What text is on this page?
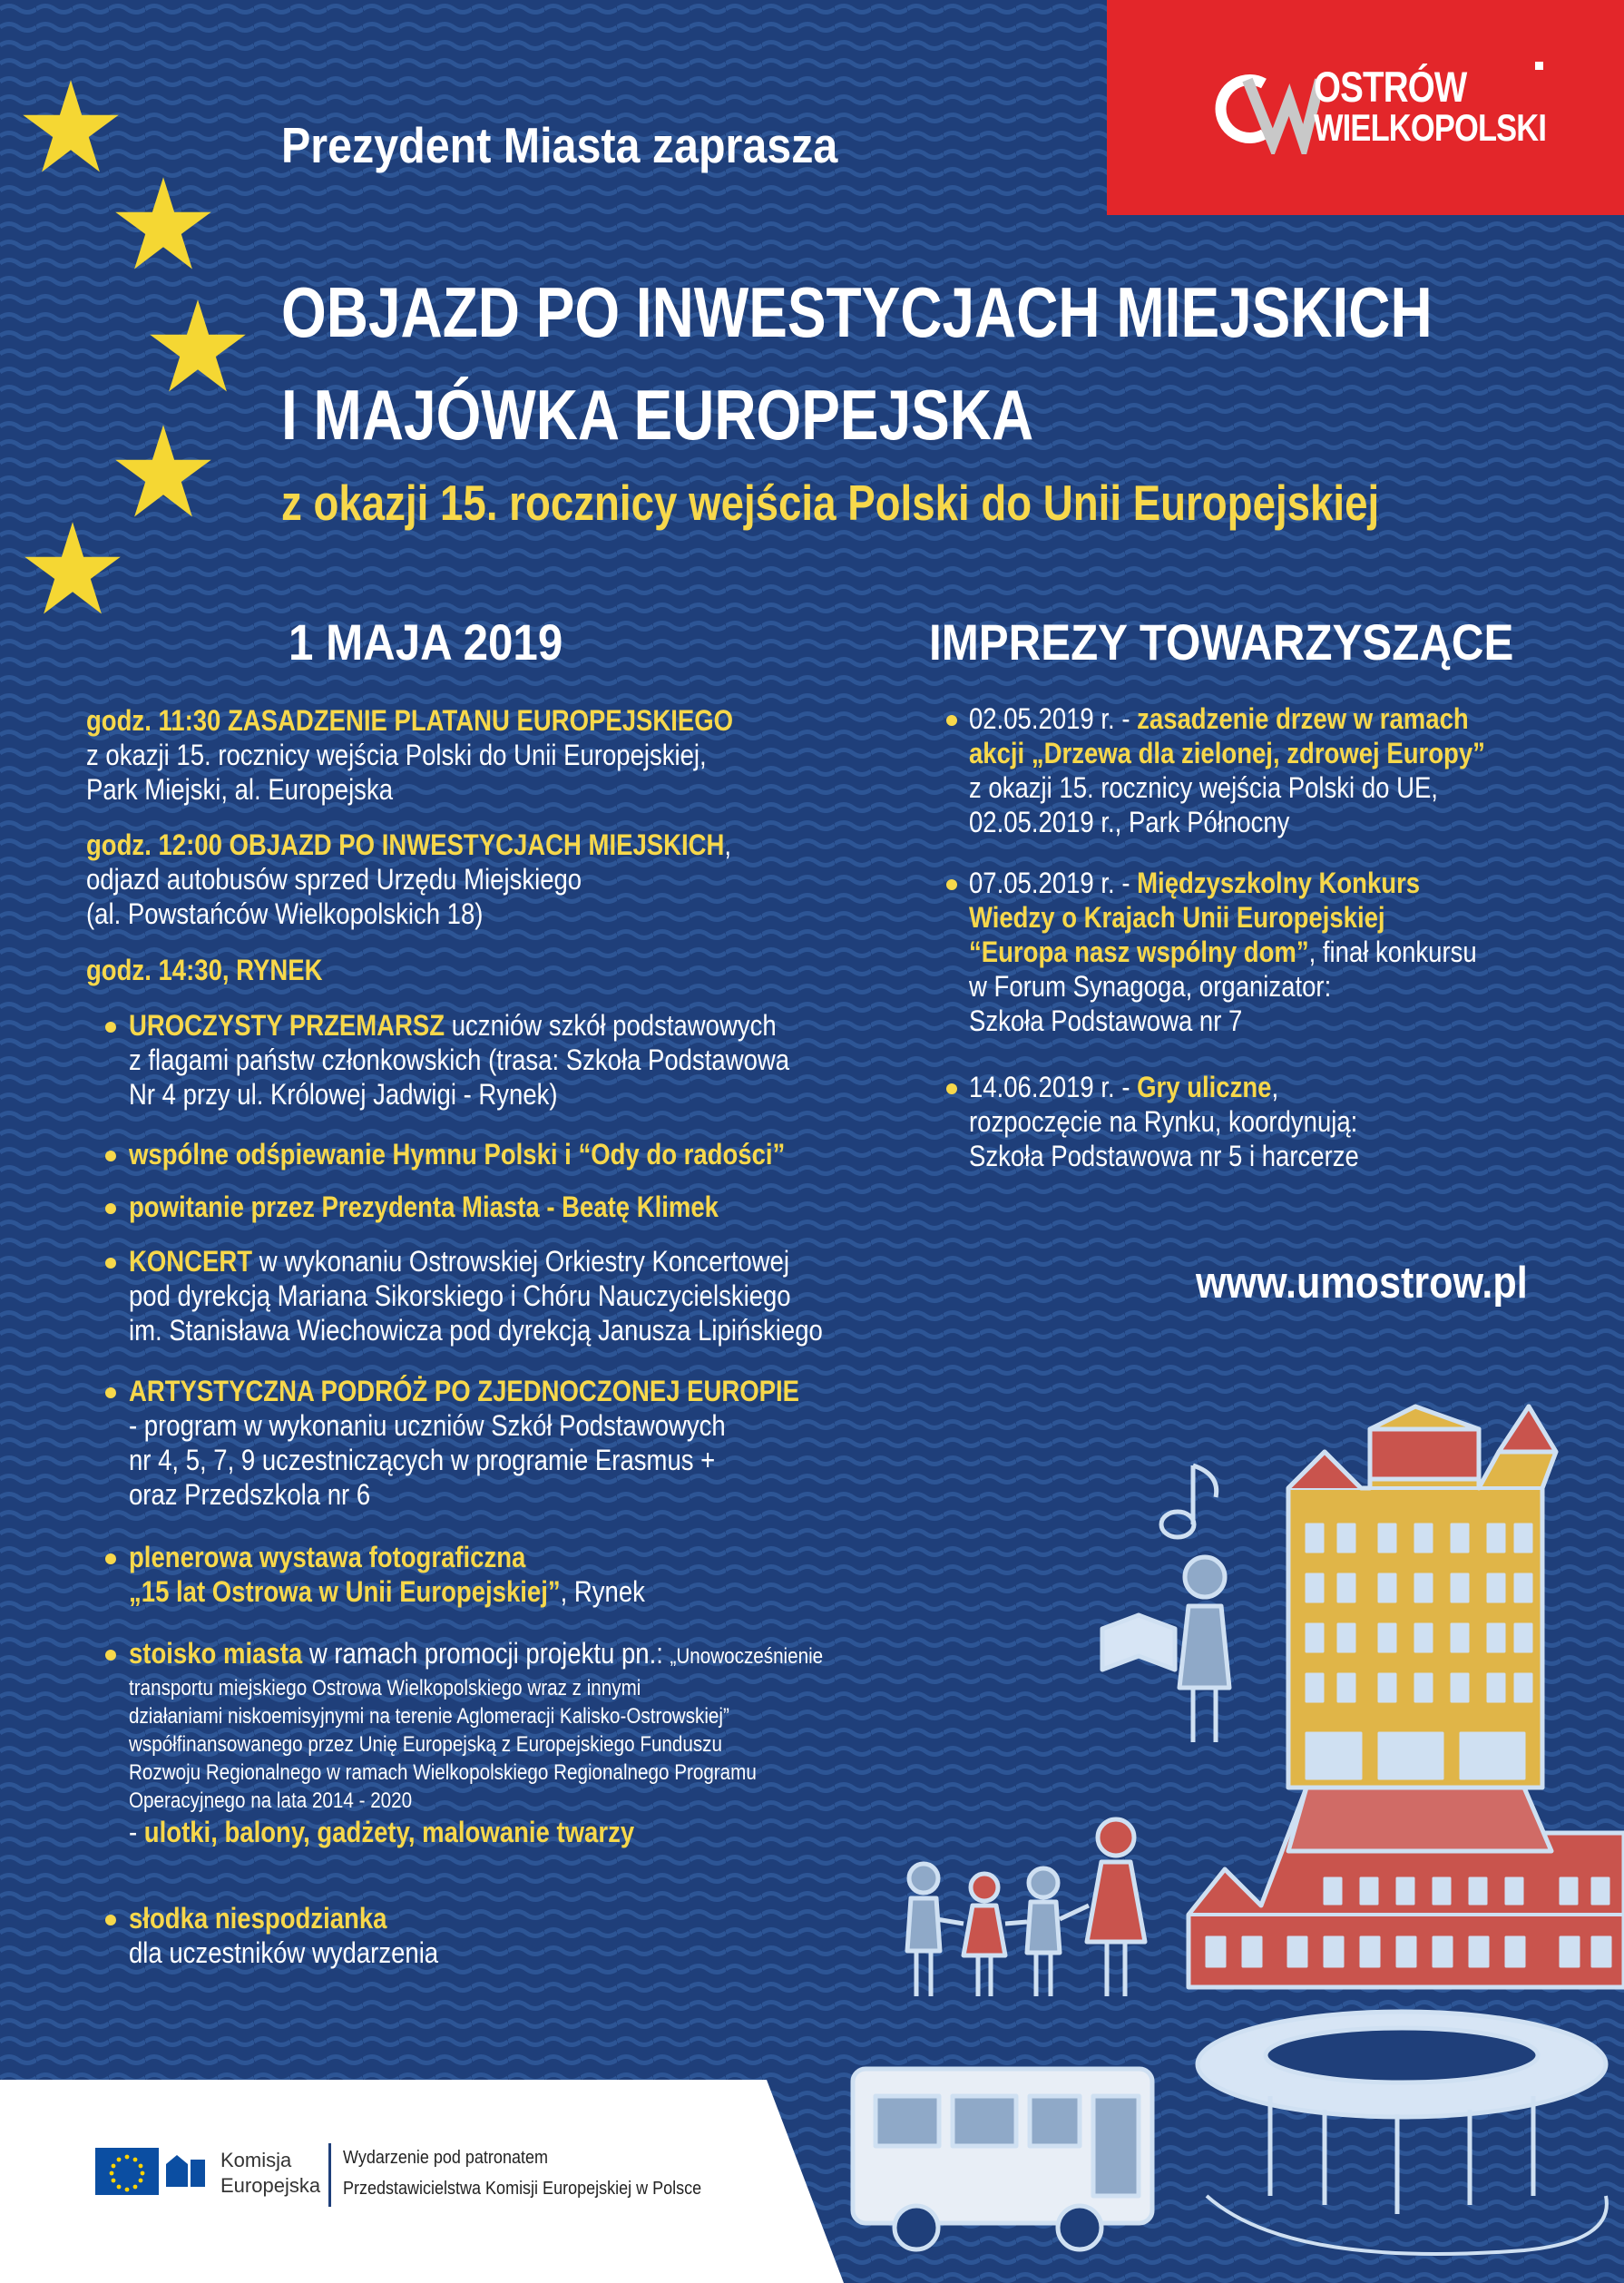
OSTRÓW
WIELKOPOLSKI
Prezydent Miasta zaprasza
OBJAZD PO INWESTYCJACH MIEJSKICH
I MAJÓWKA EUROPEJSKA
z okazji 15. rocznicy wejścia Polski do Unii Europejskiej
1 MAJA 2019
godz. 11:30 ZASADZENIE PLATANU EUROPEJSKIEGO
z okazji 15. rocznicy wejścia Polski do Unii Europejskiej,
Park Miejski, al. Europejska
godz. 12:00 OBJAZD PO INWESTYCJACH MIEJSKICH,
odjazd autobusów sprzed Urzędu Miejskiego
(al. Powstańców Wielkopolskich 18)
godz. 14:30, RYNEK
UROCZYSTY PRZEMARSZ uczniów szkół podstawowych
z flagami państw członkowskich (trasa: Szkoła Podstawowa
Nr 4 przy ul. Królowej Jadwigi - Rynek)
wspólne odśpiewanie Hymnu Polski i “Ody do radości”
powitanie przez Prezydenta Miasta - Beatę Klimek
KONCERT w wykonaniu Ostrowskiej Orkiestry Koncertowej
pod dyrekcją Mariana Sikorskiego i Chóru Nauczycielskiego
im. Stanisława Wiechowicza pod dyrekcją Janusza Lipińskiego
ARTYSTYCZNA PODRÓŻ PO ZJEDNOCZONEJ EUROPIE
- program w wykonaniu uczniów Szkół Podstawowych
nr 4, 5, 7, 9 uczestniczących w programie Erasmus +
oraz Przedszkola nr 6
plenerowa wystawa fotograficzna
„15 lat Ostrowa w Unii Europejskiej”, Rynek
stoisko miasta w ramach promocji projektu pn.: „Unowocześnienie
transportu miejskiego Ostrowa Wielkopolskiego wraz z innymi
działaniami niskoemisyjnymi na terenie Aglomeracji Kalisko-Ostrowskiej”
współfinansowanego przez Unię Europejską z Europejskiego Funduszu
Rozwoju Regionalnego w ramach Wielkopolskiego Regionalnego Programu
Operacyjnego na lata 2014 - 2020
- ulotki, balony, gadżety, malowanie twarzy
słodka niespodzianka
dla uczestników wydarzenia
IMPREZY TOWARZYSZĄCE
02.05.2019 r. - zasadzenie drzew w ramach
akcji „Drzewa dla zielonej, zdrowej Europy”
z okazji 15. rocznicy wejścia Polski do UE,
02.05.2019 r., Park Północny
07.05.2019 r. - Międzyszkolny Konkurs
Wiedzy o Krajach Unii Europejskiej
“Europa nasz wspólny dom”, finał konkursu
w Forum Synagoga, organizator:
Szkoła Podstawowa nr 7
14.06.2019 r. - Gry uliczne,
rozpoczęcie na Rynku, koordynują:
Szkoła Podstawowa nr 5 i harcerze
www.umostrow.pl
Komisja
Europejska
Wydarzenie pod patronatem
Przedstawicielstwa Komisji Europejskiej w Polsce
